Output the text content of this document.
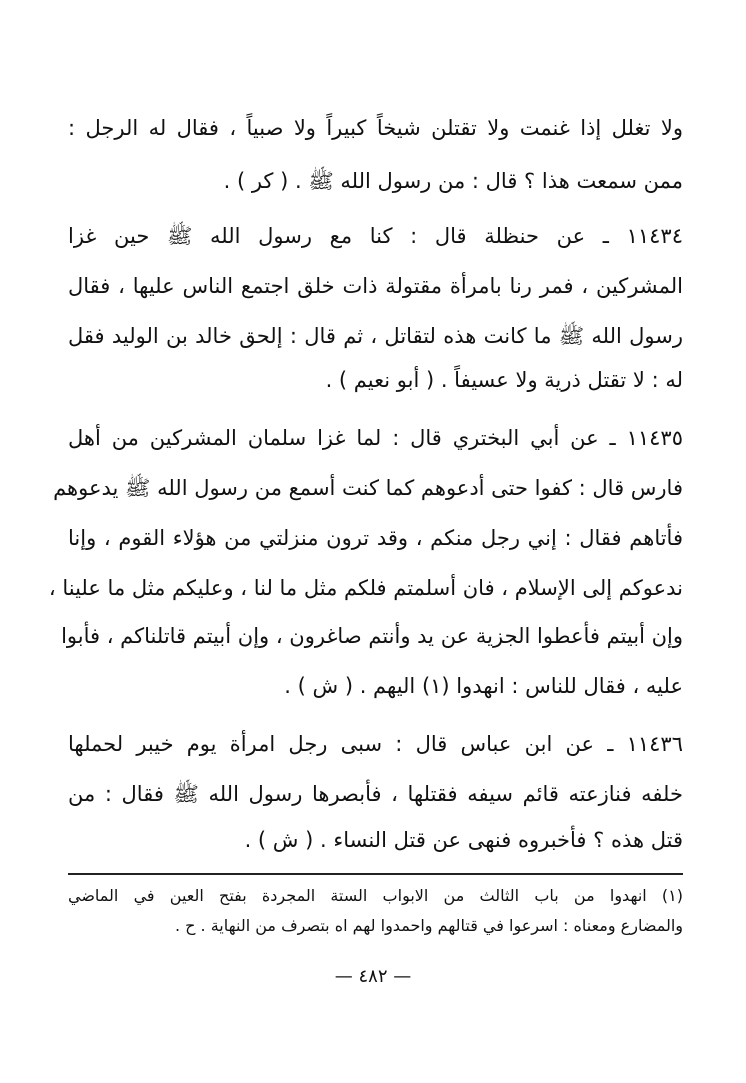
ولا تغلل إذا غنمت ولا تقتلن شيخاً كبيراً ولا صبياً ، فقال له الرجل :
ممن سمعت هذا ؟ قال : من رسول الله ﷺ . ( كر ) .
١١٤٣٤ ـ عن حنظلة قال : كنا مع رسول الله ﷺ حين غزا
المشركين ، فمر رنا بامرأة مقتولة ذات خلق اجتمع الناس عليها ، فقال
رسول الله ﷺ ما كانت هذه لتقاتل ، ثم قال : إلحق خالد بن الوليد فقل
له : لا تقتل ذرية ولا عسيفاً . ( أبو نعيم ) .
١١٤٣٥ ـ عن أبي البختري قال : لما غزا سلمان المشركين من أهل
فارس قال : كفوا حتى أدعوهم كما كنت أسمع من رسول الله ﷺ يدعوهم
فأتاهم فقال : إني رجل منكم ، وقد ترون منزلتي من هؤلاء القوم ، وإنا
ندعوكم إلى الإسلام ، فان أسلمتم فلكم مثل ما لنا ، وعليكم مثل ما علينا ،
وإن أبيتم فأعطوا الجزية عن يد وأنتم صاغرون ، وإن أبيتم قاتلناكم ، فأبوا
عليه ، فقال للناس : انهدوا (١) اليهم . ( ش ) .
١١٤٣٦ ـ عن ابن عباس قال : سبى رجل امرأة يوم خيبر لحملها
خلفه فنازعته قائم سيفه فقتلها ، فأبصرها رسول الله ﷺ فقال : من
قتل هذه ؟ فأخبروه فنهى عن قتل النساء . ( ش ) .
(١) انهدوا من باب الثالث من الابواب الستة المجردة بفتح العين في الماضي
والمضارع ومعناه : اسرعوا في قتالهم واحمدوا لهم اه بتصرف من النهاية . ح .
— ٤٨٢ —
